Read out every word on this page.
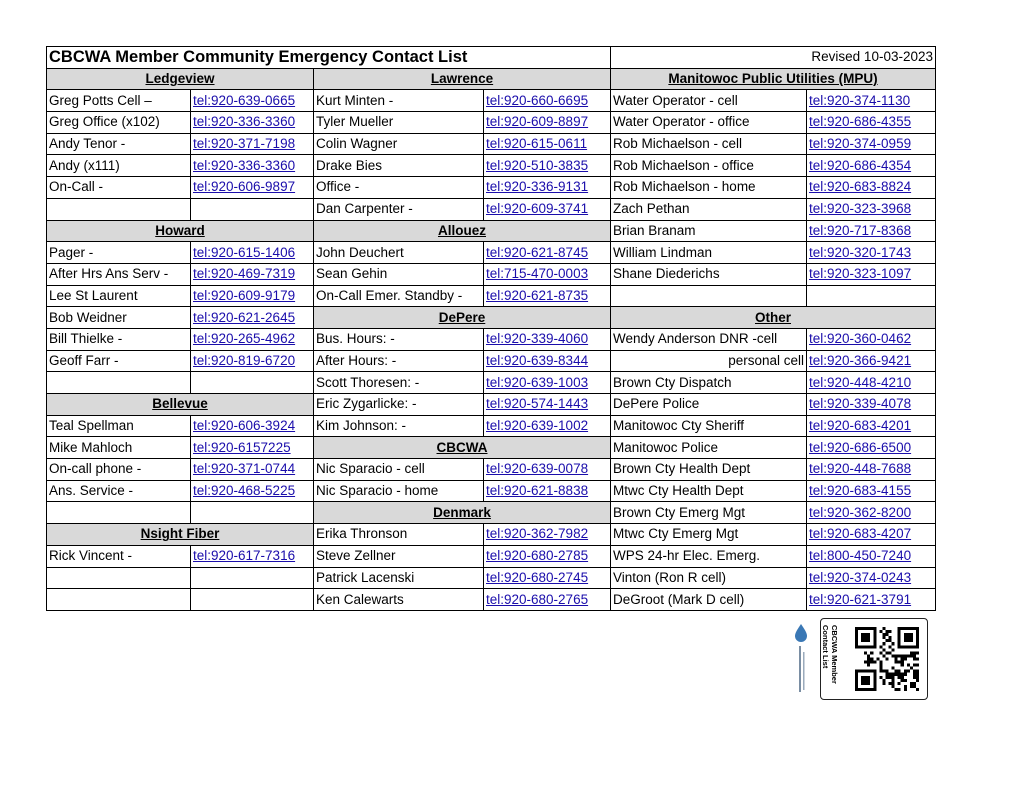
CBCWA Member Community Emergency Contact List				Revised 10-03-2023	
Ledgeview		Lawrence		Manitowoc Public Utilities (MPU)	
Greg Potts Cell –	tel:920-639-0665	Kurt Minten -	tel:920-660-6695	Water Operator - cell	tel:920-374-1130
Greg Office (x102)	tel:920-336-3360	Tyler Mueller	tel:920-609-8897	Water Operator - office	tel:920-686-4355
Andy Tenor -	tel:920-371-7198	Colin Wagner	tel:920-615-0611	Rob Michaelson - cell	tel:920-374-0959
Andy (x111)	tel:920-336-3360	Drake Bies	tel:920-510-3835	Rob Michaelson - office	tel:920-686-4354
On-Call -	tel:920-606-9897	Office -	tel:920-336-9131	Rob Michaelson - home	tel:920-683-8824
		Dan Carpenter -	tel:920-609-3741	Zach Pethan	tel:920-323-3968
Howard		Allouez		Brian Branam	tel:920-717-8368
Pager -	tel:920-615-1406	John Deuchert	tel:920-621-8745	William Lindman	tel:920-320-1743
After Hrs Ans Serv -	tel:920-469-7319	Sean Gehin	tel:715-470-0003	Shane Diederichs	tel:920-323-1097
Lee St Laurent	tel:920-609-9179	On-Call Emer. Standby -	tel:920-621-8735		
Bob Weidner	tel:920-621-2645	DePere		Other	
Bill Thielke -	tel:920-265-4962	Bus. Hours: -	tel:920-339-4060	Wendy Anderson DNR -cell	tel:920-360-0462
Geoff Farr -	tel:920-819-6720	After Hours: -	tel:920-639-8344	personal cell	tel:920-366-9421
		Scott Thoresen: -	tel:920-639-1003	Brown Cty Dispatch	tel:920-448-4210
Bellevue		Eric Zygarlicke: -	tel:920-574-1443	DePere Police	tel:920-339-4078
Teal Spellman	tel:920-606-3924	Kim Johnson: -	tel:920-639-1002	Manitowoc Cty Sheriff	tel:920-683-4201
Mike Mahloch	tel:920-6157225	CBCWA		Manitowoc Police	tel:920-686-6500
On-call phone -	tel:920-371-0744	Nic Sparacio - cell	tel:920-639-0078	Brown Cty Health Dept	tel:920-448-7688
Ans. Service -	tel:920-468-5225	Nic Sparacio - home	tel:920-621-8838	Mtwc Cty Health Dept	tel:920-683-4155
		Denmark		Brown Cty Emerg Mgt	tel:920-362-8200
Nsight Fiber		Erika Thronson	tel:920-362-7982	Mtwc Cty Emerg Mgt	tel:920-683-4207
Rick Vincent -	tel:920-617-7316	Steve Zellner	tel:920-680-2785	WPS 24-hr Elec. Emerg.	tel:800-450-7240
		Patrick Lacenski	tel:920-680-2745	Vinton (Ron R cell)	tel:920-374-0243
		Ken Calewarts	tel:920-680-2765	DeGroot (Mark D cell)	tel:920-621-3791
CBCWA Member Contact List
